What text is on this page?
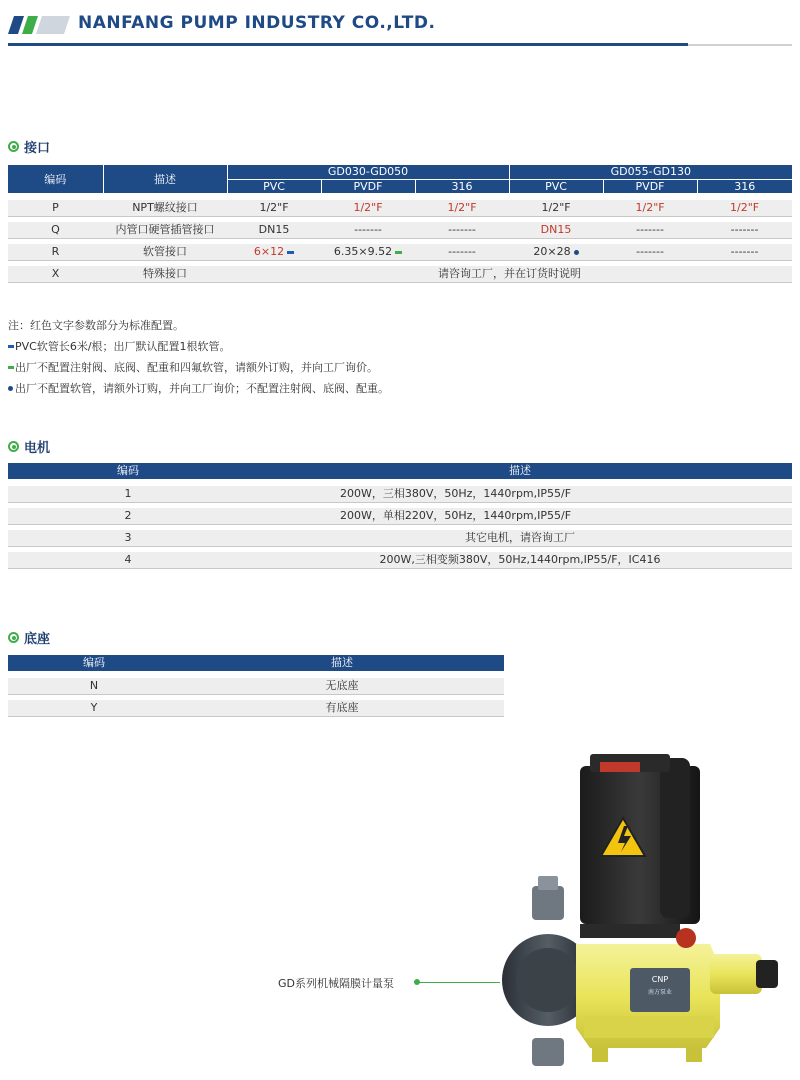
NANFANG PUMP INDUSTRY CO.,LTD.
接口
编码	描述	GD030-GD050			GD055-GD130		
		PVC	PVDF	316	PVC	PVDF	316

P	NPT螺纹接口	1/2"F	1/2"F	1/2"F	1/2"F	1/2"F	1/2"F

Q	内管口硬管插管接口	DN15	-------	-------	DN15	-------	-------

R	软管接口	6×12	6.35×9.52	-------	20×28	-------	-------

X	特殊接口	请咨询工厂，并在订货时说明					
注：红色文字参数部分为标准配置。
PVC软管长6米/根；出厂默认配置1根软管。
出厂不配置注射阀、底阀、配重和四氟软管，请额外订购，并向工厂询价。
出厂不配置软管，请额外订购，并向工厂询价；不配置注射阀、底阀、配重。
电机
编码	描述

1	200W，三相380V，50Hz，1440rpm,IP55/F

2	200W，单相220V，50Hz，1440rpm,IP55/F

3	其它电机，请咨询工厂

4	200W,三相变频380V，50Hz,1440rpm,IP55/F，IC416
底座
编码	描述

N	无底座

Y	有底座
GD系列机械隔膜计量泵	CNP
南方泵业
